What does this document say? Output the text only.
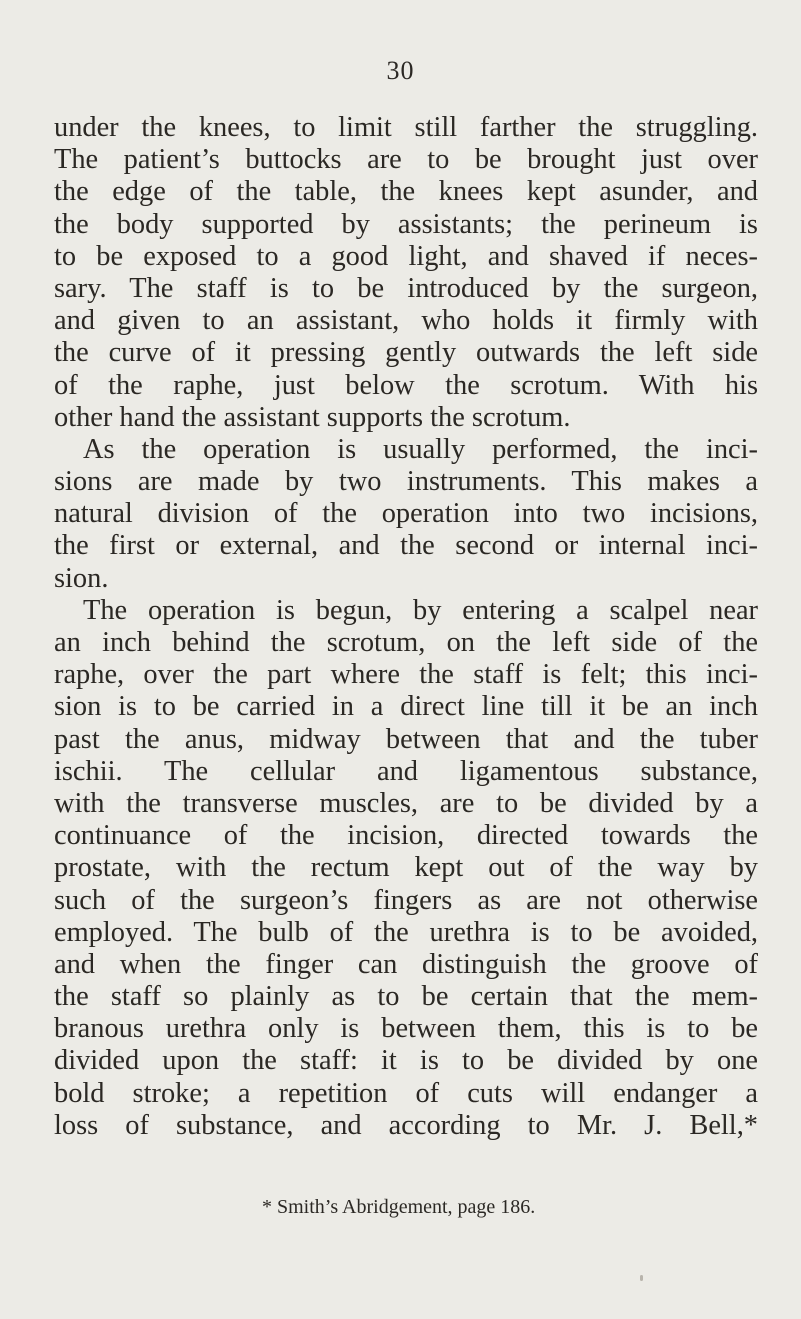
30
under the knees, to limit still farther the struggling.
The patient’s buttocks are to be brought just over
the edge of the table, the knees kept asunder, and
the body supported by assistants; the perineum is
to be exposed to a good light, and shaved if neces-
sary. The staff is to be introduced by the surgeon,
and given to an assistant, who holds it firmly with
the curve of it pressing gently outwards the left side
of the raphe, just below the scrotum. With his
other hand the assistant supports the scrotum.
As the operation is usually performed, the inci-
sions are made by two instruments. This makes a
natural division of the operation into two incisions,
the first or external, and the second or internal inci-
sion.
The operation is begun, by entering a scalpel near
an inch behind the scrotum, on the left side of the
raphe, over the part where the staff is felt; this inci-
sion is to be carried in a direct line till it be an inch
past the anus, midway between that and the tuber
ischii. The cellular and ligamentous substance,
with the transverse muscles, are to be divided by a
continuance of the incision, directed towards the
prostate, with the rectum kept out of the way by
such of the surgeon’s fingers as are not otherwise
employed. The bulb of the urethra is to be avoided,
and when the finger can distinguish the groove of
the staff so plainly as to be certain that the mem-
branous urethra only is between them, this is to be
divided upon the staff: it is to be divided by one
bold stroke; a repetition of cuts will endanger a
loss of substance, and according to Mr. J. Bell,*
* Smith’s Abridgement, page 186.
